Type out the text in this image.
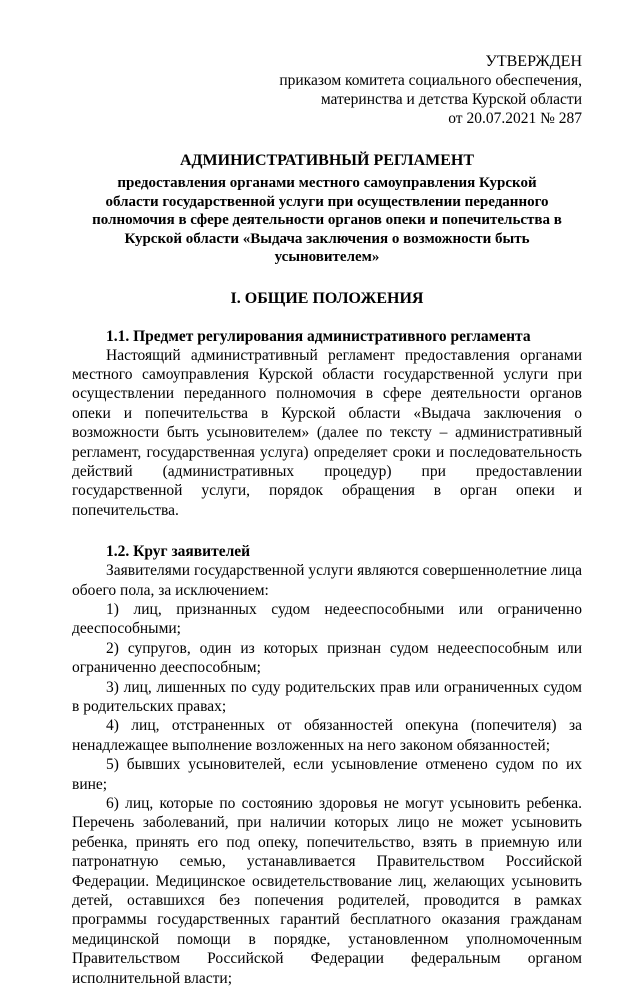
УТВЕРЖДЕН
приказом комитета социального обеспечения,
материнства и детства Курской области
от 20.07.2021 № 287
АДМИНИСТРАТИВНЫЙ РЕГЛАМЕНТ
предоставления органами местного самоуправления Курской области государственной услуги при осуществлении переданного полномочия в сфере деятельности органов опеки и попечительства в Курской области «Выдача заключения о возможности быть усыновителем»
I. ОБЩИЕ ПОЛОЖЕНИЯ
1.1. Предмет регулирования административного регламента

Настоящий административный регламент предоставления органами местного самоуправления Курской области государственной услуги при осуществлении переданного полномочия в сфере деятельности органов опеки и попечительства в Курской области «Выдача заключения о возможности быть усыновителем» (далее по тексту – административный регламент, государственная услуга) определяет сроки и последовательность действий (административных процедур) при предоставлении государственной услуги, порядок обращения в орган опеки и попечительства.

1.2. Круг заявителей

Заявителями государственной услуги являются совершеннолетние лица обоего пола, за исключением:

1) лиц, признанных судом недееспособными или ограниченно дееспособными;

2) супругов, один из которых признан судом недееспособным или ограниченно дееспособным;

3) лиц, лишенных по суду родительских прав или ограниченных судом в родительских правах;

4) лиц, отстраненных от обязанностей опекуна (попечителя) за ненадлежащее выполнение возложенных на него законом обязанностей;

5) бывших усыновителей, если усыновление отменено судом по их вине;

6) лиц, которые по состоянию здоровья не могут усыновить ребенка. Перечень заболеваний, при наличии которых лицо не может усыновить ребенка, принять его под опеку, попечительство, взять в приемную или патронатную семью, устанавливается Правительством Российской Федерации. Медицинское освидетельствование лиц, желающих усыновить детей, оставшихся без попечения родителей, проводится в рамках программы государственных гарантий бесплатного оказания гражданам медицинской помощи в порядке, установленном уполномоченным Правительством Российской Федерации федеральным органом исполнительной власти;
